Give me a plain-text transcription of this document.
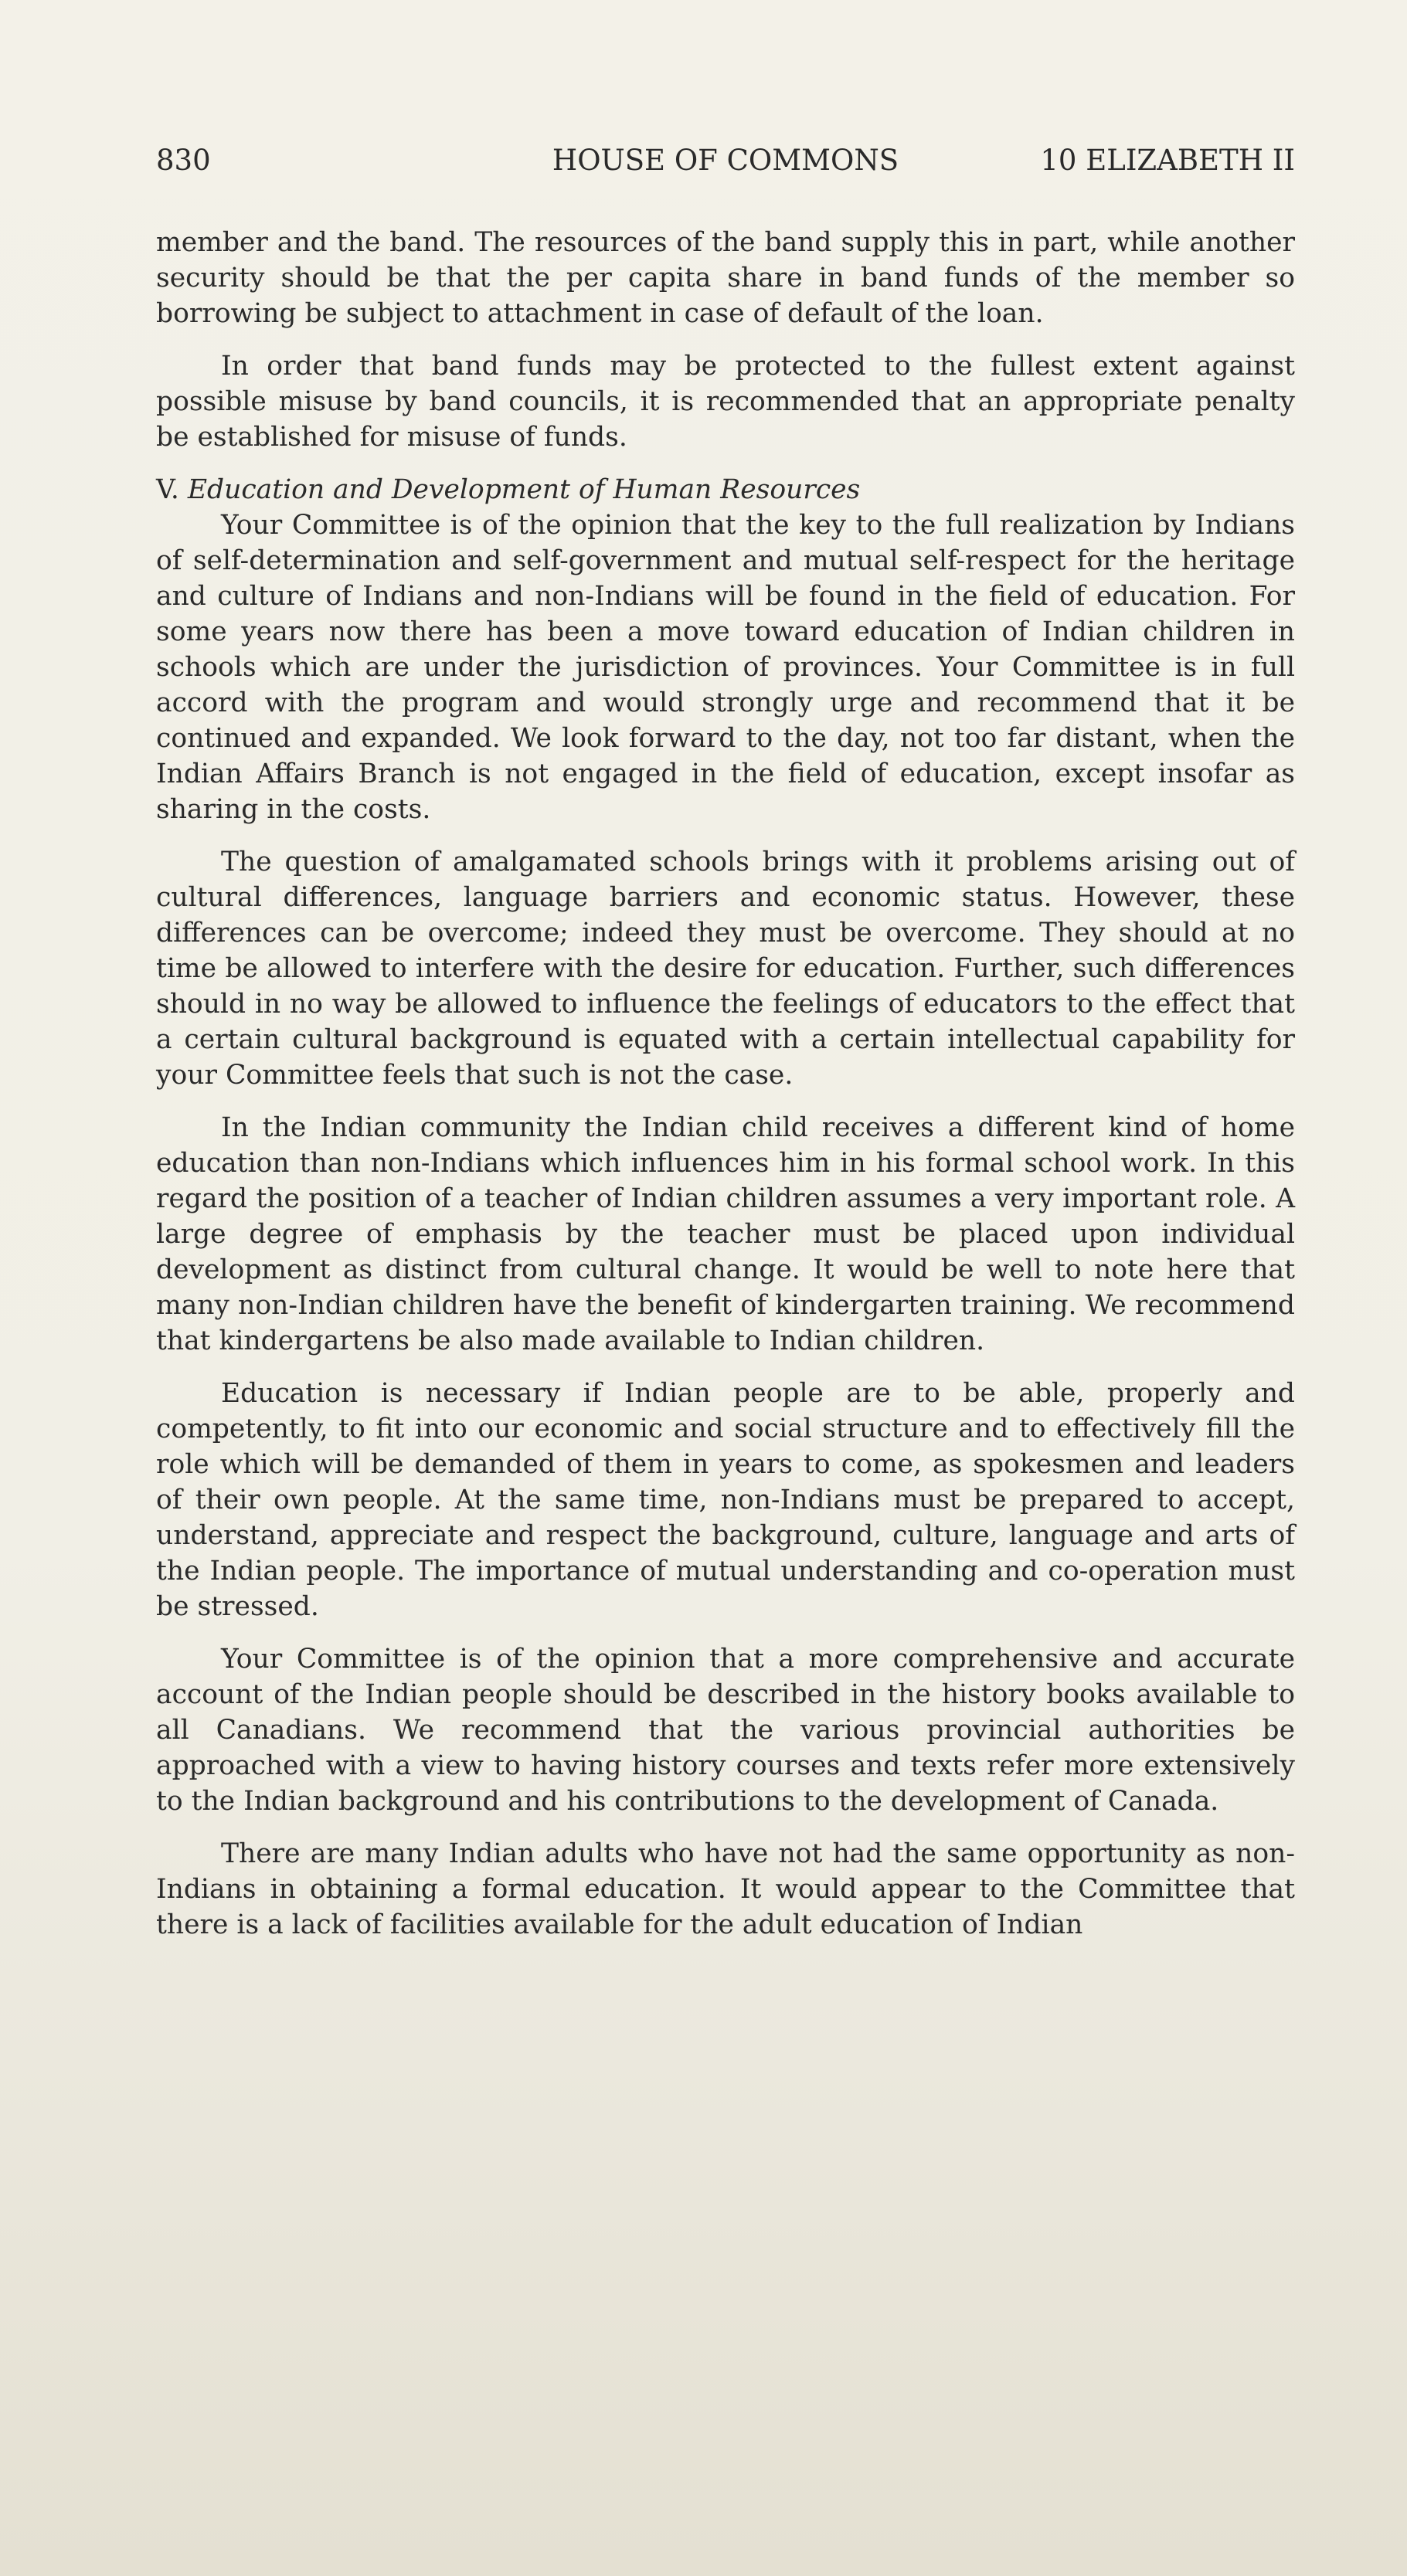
830	HOUSE OF COMMONS	10 ELIZABETH II

member and the band. The resources of the band supply this in part, while another security should be that the per capita share in band funds of the member so borrowing be subject to attachment in case of default of the loan.

In order that band funds may be protected to the fullest extent against possible misuse by band councils, it is recommended that an appropriate penalty be established for misuse of funds.

V. Education and Development of Human Resources

Your Committee is of the opinion that the key to the full realization by Indians of self-determination and self-government and mutual self-respect for the heritage and culture of Indians and non-Indians will be found in the field of education. For some years now there has been a move toward education of Indian children in schools which are under the jurisdiction of provinces. Your Committee is in full accord with the program and would strongly urge and recommend that it be continued and expanded. We look forward to the day, not too far distant, when the Indian Affairs Branch is not engaged in the field of education, except insofar as sharing in the costs.

The question of amalgamated schools brings with it problems arising out of cultural differences, language barriers and economic status. However, these differences can be overcome; indeed they must be overcome. They should at no time be allowed to interfere with the desire for education. Further, such differences should in no way be allowed to influence the feelings of educators to the effect that a certain cultural background is equated with a certain intellectual capability for your Committee feels that such is not the case.

In the Indian community the Indian child receives a different kind of home education than non-Indians which influences him in his formal school work. In this regard the position of a teacher of Indian children assumes a very important role. A large degree of emphasis by the teacher must be placed upon individual development as distinct from cultural change. It would be well to note here that many non-Indian children have the benefit of kindergarten training. We recommend that kindergartens be also made available to Indian children.

Education is necessary if Indian people are to be able, properly and competently, to fit into our economic and social structure and to effectively fill the role which will be demanded of them in years to come, as spokesmen and leaders of their own people. At the same time, non-Indians must be prepared to accept, understand, appreciate and respect the background, culture, language and arts of the Indian people. The importance of mutual understanding and co-operation must be stressed.

Your Committee is of the opinion that a more comprehensive and accurate account of the Indian people should be described in the history books available to all Canadians. We recommend that the various provincial authorities be approached with a view to having history courses and texts refer more extensively to the Indian background and his contributions to the development of Canada.

There are many Indian adults who have not had the same opportunity as non-Indians in obtaining a formal education. It would appear to the Committee that there is a lack of facilities available for the adult education of Indian
